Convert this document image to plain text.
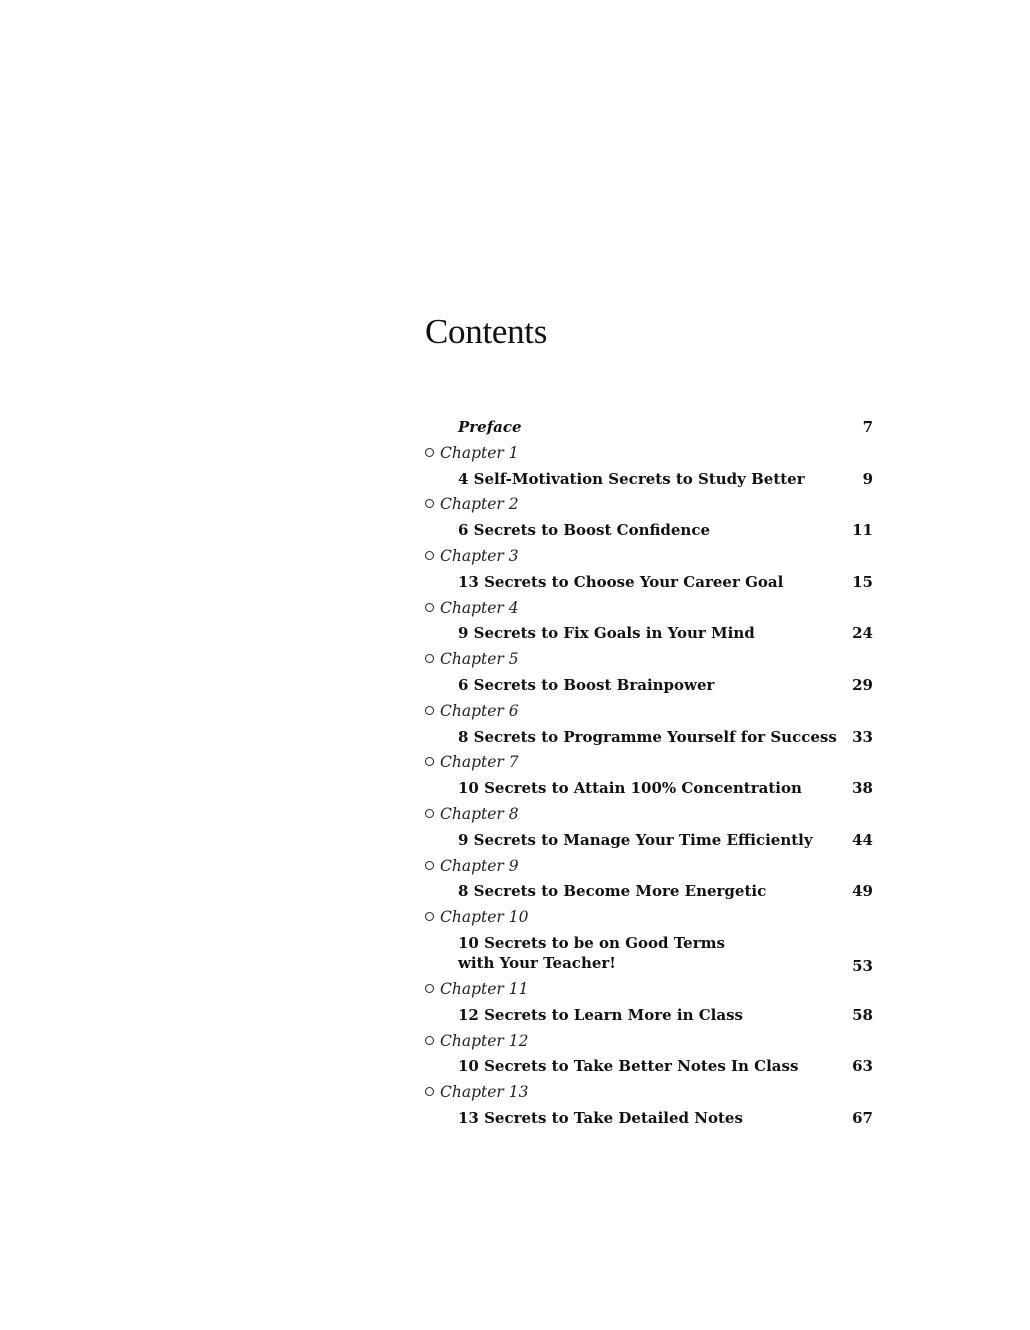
Contents
Preface	7
Chapter 1
4 Self-Motivation Secrets to Study Better	9
Chapter 2
6 Secrets to Boost Confidence	11
Chapter 3
13 Secrets to Choose Your Career Goal	15
Chapter 4
9 Secrets to Fix Goals in Your Mind	24
Chapter 5
6 Secrets to Boost Brainpower	29
Chapter 6
8 Secrets to Programme Yourself for Success 33
Chapter 7
10 Secrets to Attain 100% Concentration	38
Chapter 8
9 Secrets to Manage Your Time Efficiently	44
Chapter 9
8 Secrets to Become More Energetic	49
Chapter 10
10 Secrets to be on Good Terms
with Your Teacher!	53
Chapter 11
12 Secrets to Learn More in Class	58
Chapter 12
10 Secrets to Take Better Notes In Class	63
Chapter 13
13 Secrets to Take Detailed Notes	67
